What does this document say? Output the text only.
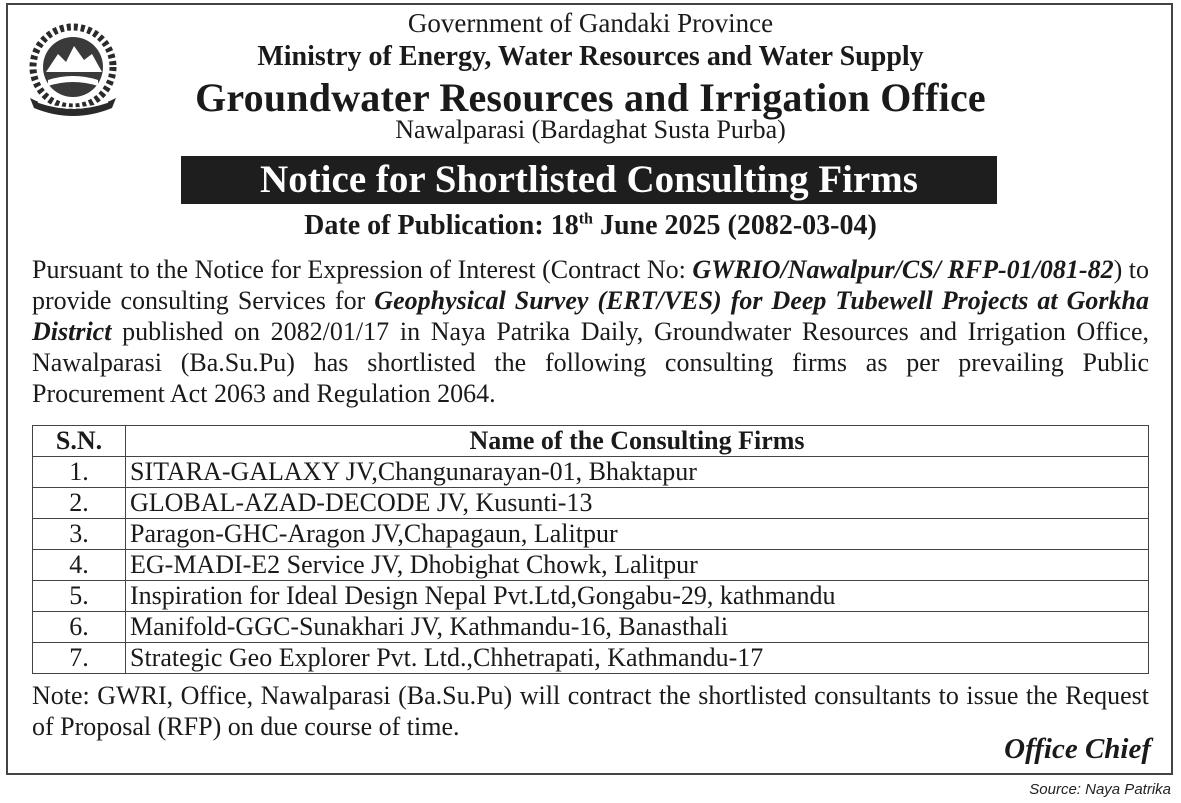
Government of Gandaki Province
Ministry of Energy, Water Resources and Water Supply
Groundwater Resources and Irrigation Office
Nawalparasi (Bardaghat Susta Purba)
Notice for Shortlisted Consulting Firms
Date of Publication: 18th June 2025 (2082-03-04)
Pursuant to the Notice for Expression of Interest (Contract No: GWRIO/Nawalpur/CS/ RFP-01/081-82) to provide consulting Services for Geophysical Survey (ERT/VES) for Deep Tubewell Projects at Gorkha District published on 2082/01/17 in Naya Patrika Daily, Groundwater Resources and Irrigation Office, Nawalparasi (Ba.Su.Pu) has shortlisted the following consulting firms as per prevailing Public Procurement Act 2063 and Regulation 2064.
S.N.	Name of the Consulting Firms
1.	SITARA-GALAXY JV,Changunarayan-01, Bhaktapur
2.	GLOBAL-AZAD-DECODE JV, Kusunti-13
3.	Paragon-GHC-Aragon JV,Chapagaun, Lalitpur
4.	EG-MADI-E2 Service JV, Dhobighat Chowk, Lalitpur
5.	Inspiration for Ideal Design Nepal Pvt.Ltd,Gongabu-29, kathmandu
6.	Manifold-GGC-Sunakhari JV, Kathmandu-16, Banasthali
7.	Strategic Geo Explorer Pvt. Ltd.,Chhetrapati, Kathmandu-17
Note: GWRI, Office, Nawalparasi (Ba.Su.Pu) will contract the shortlisted consultants to issue the Request of Proposal (RFP) on due course of time.
Office Chief
Source: Naya Patrika
